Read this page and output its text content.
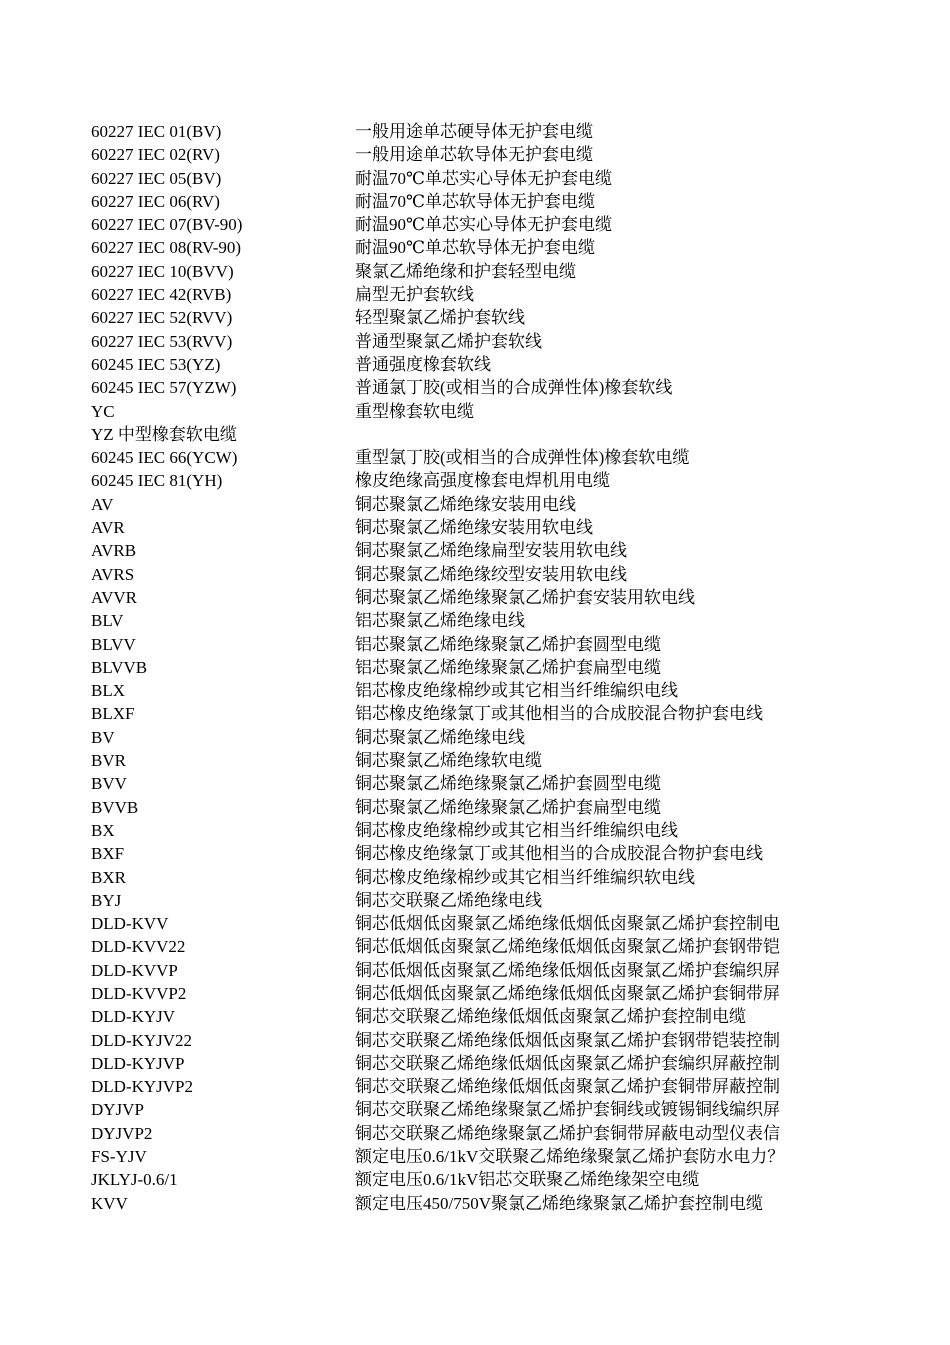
60227 IEC 01(BV)	一般用途单芯硬导体无护套电缆
60227 IEC 02(RV)	一般用途单芯软导体无护套电缆
60227 IEC 05(BV)	耐温70℃单芯实心导体无护套电缆
60227 IEC 06(RV)	耐温70℃单芯软导体无护套电缆
60227 IEC 07(BV-90)	耐温90℃单芯实心导体无护套电缆
60227 IEC 08(RV-90)	耐温90℃单芯软导体无护套电缆
60227 IEC 10(BVV)	聚氯乙烯绝缘和护套轻型电缆
60227 IEC 42(RVB)	扁型无护套软线
60227 IEC 52(RVV)	轻型聚氯乙烯护套软线
60227 IEC 53(RVV)	普通型聚氯乙烯护套软线
60245 IEC 53(YZ)	普通强度橡套软线
60245 IEC 57(YZW)	普通氯丁胶(或相当的合成弹性体)橡套软线
YC	重型橡套软电缆
YZ 中型橡套软电缆
60245 IEC 66(YCW)	重型氯丁胶(或相当的合成弹性体)橡套软电缆
60245 IEC 81(YH)	橡皮绝缘高强度橡套电焊机用电缆
AV	铜芯聚氯乙烯绝缘安装用电线
AVR	铜芯聚氯乙烯绝缘安装用软电线
AVRB	铜芯聚氯乙烯绝缘扁型安装用软电线
AVRS	铜芯聚氯乙烯绝缘绞型安装用软电线
AVVR	铜芯聚氯乙烯绝缘聚氯乙烯护套安装用软电线
BLV	铝芯聚氯乙烯绝缘电线
BLVV	铝芯聚氯乙烯绝缘聚氯乙烯护套圆型电缆
BLVVB	铝芯聚氯乙烯绝缘聚氯乙烯护套扁型电缆
BLX	铝芯橡皮绝缘棉纱或其它相当纤维编织电线
BLXF	铝芯橡皮绝缘氯丁或其他相当的合成胶混合物护套电线
BV	铜芯聚氯乙烯绝缘电线
BVR	铜芯聚氯乙烯绝缘软电缆
BVV	铜芯聚氯乙烯绝缘聚氯乙烯护套圆型电缆
BVVB	铜芯聚氯乙烯绝缘聚氯乙烯护套扁型电缆
BX	铜芯橡皮绝缘棉纱或其它相当纤维编织电线
BXF	铜芯橡皮绝缘氯丁或其他相当的合成胶混合物护套电线
BXR	铜芯橡皮绝缘棉纱或其它相当纤维编织软电线
BYJ	铜芯交联聚乙烯绝缘电线
DLD-KVV	铜芯低烟低卤聚氯乙烯绝缘低烟低卤聚氯乙烯护套控制电
DLD-KVV22	铜芯低烟低卤聚氯乙烯绝缘低烟低卤聚氯乙烯护套钢带铠
DLD-KVVP	铜芯低烟低卤聚氯乙烯绝缘低烟低卤聚氯乙烯护套编织屏
DLD-KVVP2	铜芯低烟低卤聚氯乙烯绝缘低烟低卤聚氯乙烯护套铜带屏
DLD-KYJV	铜芯交联聚乙烯绝缘低烟低卤聚氯乙烯护套控制电缆
DLD-KYJV22	铜芯交联聚乙烯绝缘低烟低卤聚氯乙烯护套钢带铠装控制
DLD-KYJVP	铜芯交联聚乙烯绝缘低烟低卤聚氯乙烯护套编织屏蔽控制
DLD-KYJVP2	铜芯交联聚乙烯绝缘低烟低卤聚氯乙烯护套铜带屏蔽控制
DYJVP	铜芯交联聚乙烯绝缘聚氯乙烯护套铜线或镀锡铜线编织屏
DYJVP2	铜芯交联聚乙烯绝缘聚氯乙烯护套铜带屏蔽电动型仪表信
FS-YJV	额定电压0.6/1kV交联聚乙烯绝缘聚氯乙烯护套防水电力？
JKLYJ-0.6/1	额定电压0.6/1kV铝芯交联聚乙烯绝缘架空电缆
KVV	额定电压450/750V聚氯乙烯绝缘聚氯乙烯护套控制电缆
